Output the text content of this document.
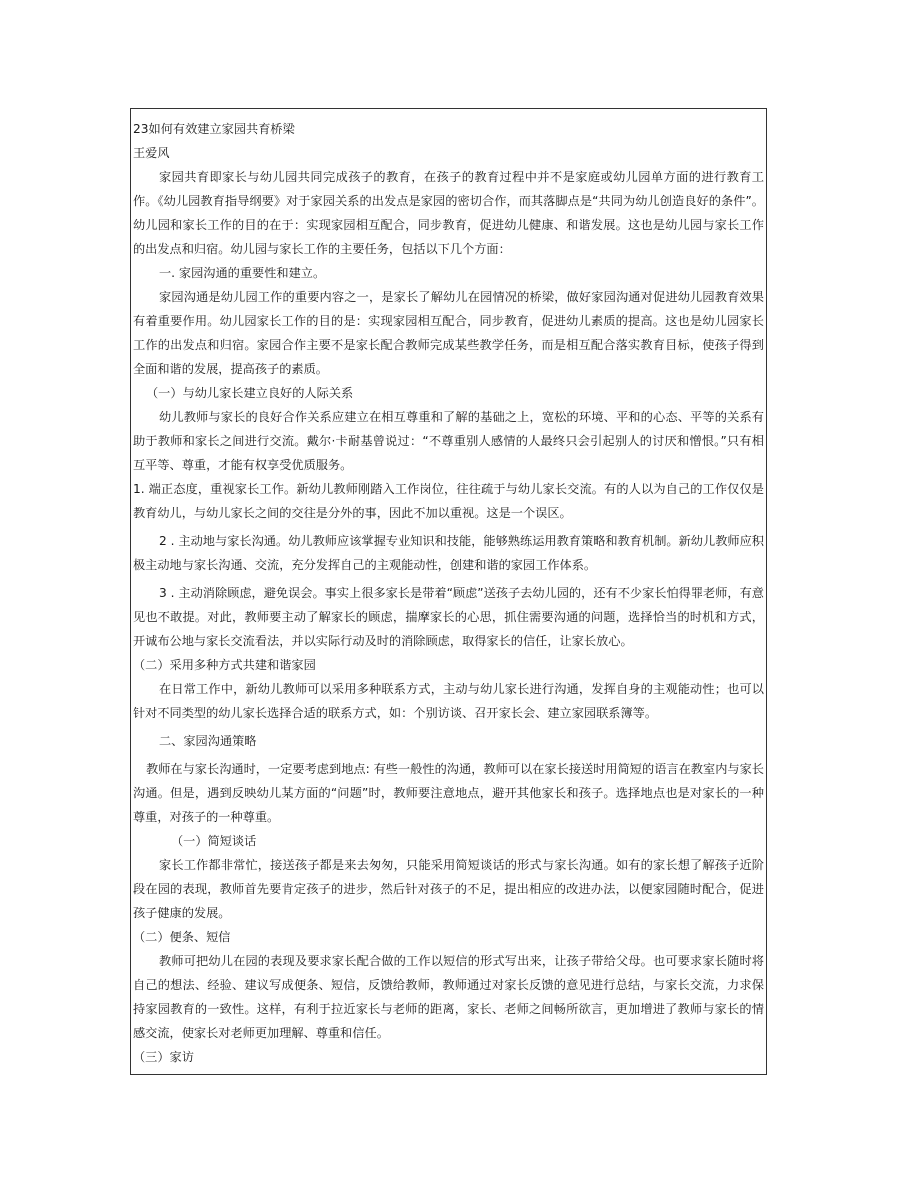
23如何有效建立家园共育桥梁

王爱风

家园共育即家长与幼儿园共同完成孩子的教育，在孩子的教育过程中并不是家庭或幼儿园单方面的进行教育工作。《幼儿园教育指导纲要》对于家园关系的出发点是家园的密切合作，而其落脚点是“共同为幼儿创造良好的条件”。幼儿园和家长工作的目的在于：实现家园相互配合，同步教育，促进幼儿健康、和谐发展。这也是幼儿园与家长工作的出发点和归宿。幼儿园与家长工作的主要任务，包括以下几个方面：

一. 家园沟通的重要性和建立。

家园沟通是幼儿园工作的重要内容之一，是家长了解幼儿在园情况的桥梁，做好家园沟通对促进幼儿园教育效果有着重要作用。幼儿园家长工作的目的是：实现家园相互配合，同步教育，促进幼儿素质的提高。这也是幼儿园家长工作的出发点和归宿。家园合作主要不是家长配合教师完成某些教学任务，而是相互配合落实教育目标，使孩子得到全面和谐的发展，提高孩子的素质。

（一）与幼儿家长建立良好的人际关系

幼儿教师与家长的良好合作关系应建立在相互尊重和了解的基础之上，宽松的环境、平和的心态、平等的关系有助于教师和家长之间进行交流。戴尔·卡耐基曾说过：“不尊重别人感情的人最终只会引起别人的讨厌和憎恨。”只有相互平等、尊重，才能有权享受优质服务。

1. 端正态度，重视家长工作。新幼儿教师刚踏入工作岗位，往往疏于与幼儿家长交流。有的人以为自己的工作仅仅是教育幼儿，与幼儿家长之间的交往是分外的事，因此不加以重视。这是一个误区。

2 . 主动地与家长沟通。幼儿教师应该掌握专业知识和技能，能够熟练运用教育策略和教育机制。新幼儿教师应积极主动地与家长沟通、交流，充分发挥自己的主观能动性，创建和谐的家园工作体系。

3 . 主动消除顾虑，避免误会。事实上很多家长是带着“顾虑”送孩子去幼儿园的，还有不少家长怕得罪老师，有意见也不敢提。对此，教师要主动了解家长的顾虑，揣摩家长的心思，抓住需要沟通的问题，选择恰当的时机和方式，开诚布公地与家长交流看法，并以实际行动及时的消除顾虑，取得家长的信任，让家长放心。

（二）采用多种方式共建和谐家园

在日常工作中，新幼儿教师可以采用多种联系方式，主动与幼儿家长进行沟通，发挥自身的主观能动性；也可以针对不同类型的幼儿家长选择合适的联系方式，如：个别访谈、召开家长会、建立家园联系簿等。

二、家园沟通策略

教师在与家长沟通时，一定要考虑到地点: 有些一般性的沟通，教师可以在家长接送时用简短的语言在教室内与家长沟通。但是，遇到反映幼儿某方面的“问题”时，教师要注意地点，避开其他家长和孩子。选择地点也是对家长的一种尊重，对孩子的一种尊重。

（一）简短谈话

家长工作都非常忙，接送孩子都是来去匆匆，只能采用简短谈话的形式与家长沟通。如有的家长想了解孩子近阶段在园的表现，教师首先要肯定孩子的进步，然后针对孩子的不足，提出相应的改进办法，以便家园随时配合，促进孩子健康的发展。

（二）便条、短信

教师可把幼儿在园的表现及要求家长配合做的工作以短信的形式写出来，让孩子带给父母。也可要求家长随时将自己的想法、经验、建议写成便条、短信，反馈给教师，教师通过对家长反馈的意见进行总结，与家长交流，力求保持家园教育的一致性。这样，有利于拉近家长与老师的距离，家长、老师之间畅所欲言，更加增进了教师与家长的情感交流，使家长对老师更加理解、尊重和信任。

（三）家访
